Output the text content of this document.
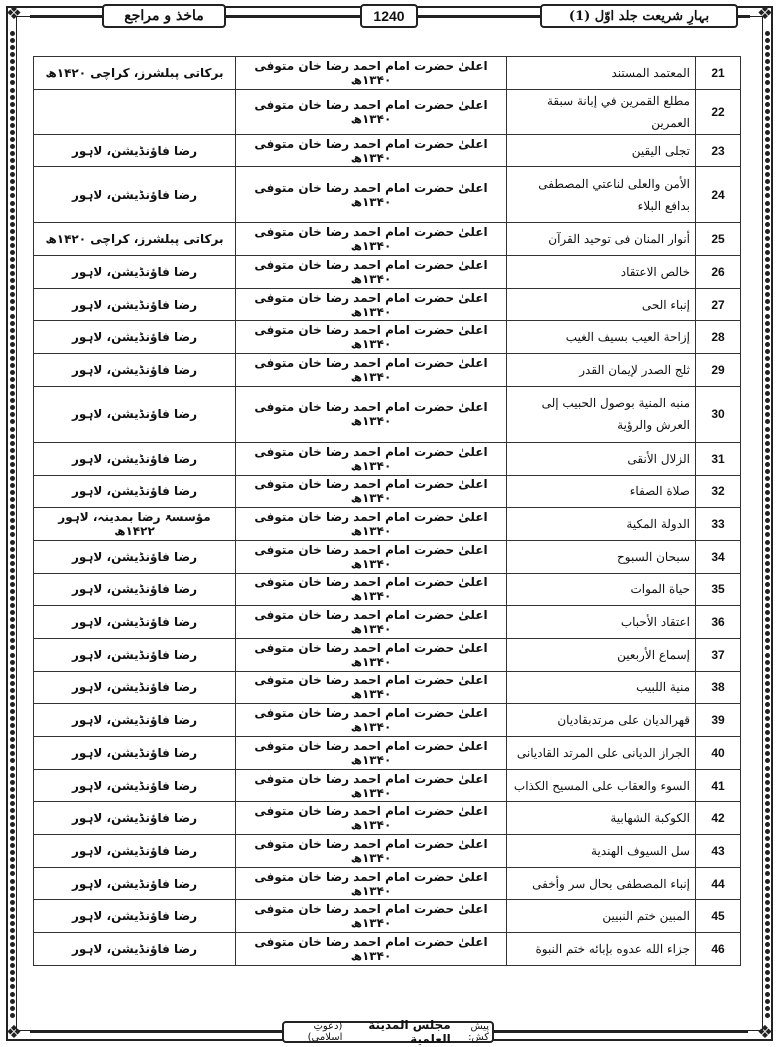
❖	❖
❖	❖
ماخذ و مراجع	1240	بہارِ شریعت جلد اوّل (1)
برکاتی پبلشرز، کراچی ۱۴۲۰ھ	اعلیٰ حضرت امام احمد رضا خان متوفی ۱۳۴۰ھ	المعتمد المستند	21
	اعلیٰ حضرت امام احمد رضا خان متوفی ۱۳۴۰ھ	مطلع القمرين في إبانة سبقة العمرين	22
رضا فاؤنڈیشن، لاہور	اعلیٰ حضرت امام احمد رضا خان متوفی ۱۳۴۰ھ	تجلی الیقین	23
رضا فاؤنڈیشن، لاہور	اعلیٰ حضرت امام احمد رضا خان متوفی ۱۳۴۰ھ	الأمن والعلی لناعتي المصطفی بدافع البلاء	24
برکاتی پبلشرز، کراچی ۱۴۲۰ھ	اعلیٰ حضرت امام احمد رضا خان متوفی ۱۳۴۰ھ	أنوار المنان فی توحید القرآن	25
رضا فاؤنڈیشن، لاہور	اعلیٰ حضرت امام احمد رضا خان متوفی ۱۳۴۰ھ	خالص الاعتقاد	26
رضا فاؤنڈیشن، لاہور	اعلیٰ حضرت امام احمد رضا خان متوفی ۱۳۴۰ھ	إنباء الحی	27
رضا فاؤنڈیشن، لاہور	اعلیٰ حضرت امام احمد رضا خان متوفی ۱۳۴۰ھ	إزاحة العیب بسیف الغیب	28
رضا فاؤنڈیشن، لاہور	اعلیٰ حضرت امام احمد رضا خان متوفی ۱۳۴۰ھ	ثلج الصدر لإیمان القدر	29
رضا فاؤنڈیشن، لاہور	اعلیٰ حضرت امام احمد رضا خان متوفی ۱۳۴۰ھ	منبه المنیة بوصول الحبیب إلی العرش والرؤیة	30
رضا فاؤنڈیشن، لاہور	اعلیٰ حضرت امام احمد رضا خان متوفی ۱۳۴۰ھ	الزلال الأنقی	31
رضا فاؤنڈیشن، لاہور	اعلیٰ حضرت امام احمد رضا خان متوفی ۱۳۴۰ھ	صلاة الصفاء	32
مؤسسۃ رضا بمدینہ، لاہور ۱۴۲۲ھ	اعلیٰ حضرت امام احمد رضا خان متوفی ۱۳۴۰ھ	الدولة المکیة	33
رضا فاؤنڈیشن، لاہور	اعلیٰ حضرت امام احمد رضا خان متوفی ۱۳۴۰ھ	سبحان السبوح	34
رضا فاؤنڈیشن، لاہور	اعلیٰ حضرت امام احمد رضا خان متوفی ۱۳۴۰ھ	حیاة الموات	35
رضا فاؤنڈیشن، لاہور	اعلیٰ حضرت امام احمد رضا خان متوفی ۱۳۴۰ھ	اعتقاد الأحباب	36
رضا فاؤنڈیشن، لاہور	اعلیٰ حضرت امام احمد رضا خان متوفی ۱۳۴۰ھ	إسماع الأربعین	37
رضا فاؤنڈیشن، لاہور	اعلیٰ حضرت امام احمد رضا خان متوفی ۱۳۴۰ھ	منیة اللبیب	38
رضا فاؤنڈیشن، لاہور	اعلیٰ حضرت امام احمد رضا خان متوفی ۱۳۴۰ھ	قهرالدیان علی مرتدبقادیان	39
رضا فاؤنڈیشن، لاہور	اعلیٰ حضرت امام احمد رضا خان متوفی ۱۳۴۰ھ	الجراز الدیانی علی المرتد القادیانی	40
رضا فاؤنڈیشن، لاہور	اعلیٰ حضرت امام احمد رضا خان متوفی ۱۳۴۰ھ	السوء والعقاب علی المسیح الکذاب	41
رضا فاؤنڈیشن، لاہور	اعلیٰ حضرت امام احمد رضا خان متوفی ۱۳۴۰ھ	الکوکبة الشهابیة	42
رضا فاؤنڈیشن، لاہور	اعلیٰ حضرت امام احمد رضا خان متوفی ۱۳۴۰ھ	سل السیوف الهندیة	43
رضا فاؤنڈیشن، لاہور	اعلیٰ حضرت امام احمد رضا خان متوفی ۱۳۴۰ھ	إنباء المصطفی بحال سر وأخفی	44
رضا فاؤنڈیشن، لاہور	اعلیٰ حضرت امام احمد رضا خان متوفی ۱۳۴۰ھ	المبین ختم النبیین	45
رضا فاؤنڈیشن، لاہور	اعلیٰ حضرت امام احمد رضا خان متوفی ۱۳۴۰ھ	جزاء الله عدوه بإبائه ختم النبوة	46
پیش کش:
مجلس المدينة العلمية
(دعوتِ اسلامی)
